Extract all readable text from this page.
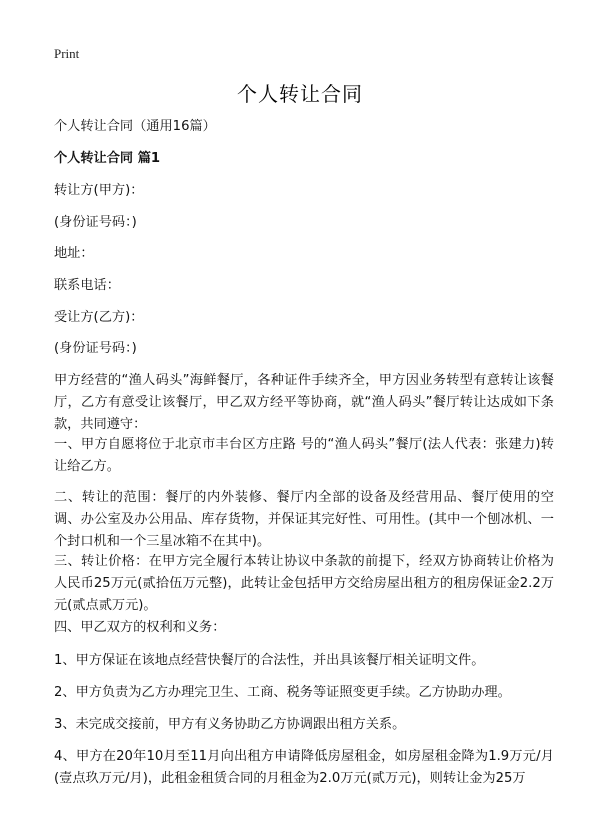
Print
个人转让合同
个人转让合同（通用16篇）
个人转让合同 篇1
转让方(甲方)：
(身份证号码：)
地址：
联系电话：
受让方(乙方)：
(身份证号码：)
甲方经营的“渔人码头”海鲜餐厅，各种证件手续齐全，甲方因业务转型有意转让该餐厅，乙方有意受让该餐厅，甲乙双方经平等协商，就“渔人码头”餐厅转让达成如下条款，共同遵守：
一、甲方自愿将位于北京市丰台区方庄路 号的“渔人码头”餐厅(法人代表：张建力)转让给乙方。
二、转让的范围：餐厅的内外装修、餐厅内全部的设备及经营用品、餐厅使用的空调、办公室及办公用品、库存货物，并保证其完好性、可用性。(其中一个刨冰机、一个封口机和一个三星冰箱不在其中)。
三、转让价格：在甲方完全履行本转让协议中条款的前提下，经双方协商转让价格为人民币25万元(贰拾伍万元整)，此转让金包括甲方交给房屋出租方的租房保证金2.2万元(贰点贰万元)。
四、甲乙双方的权利和义务：
1、甲方保证在该地点经营快餐厅的合法性，并出具该餐厅相关证明文件。
2、甲方负责为乙方办理完卫生、工商、税务等证照变更手续。乙方协助办理。
3、未完成交接前，甲方有义务协助乙方协调跟出租方关系。
4、甲方在20年10月至11月向出租方申请降低房屋租金，如房屋租金降为1.9万元/月(壹点玖万元/月)，此租金租赁合同的月租金为2.0万元(贰万元)，则转让金为25万
